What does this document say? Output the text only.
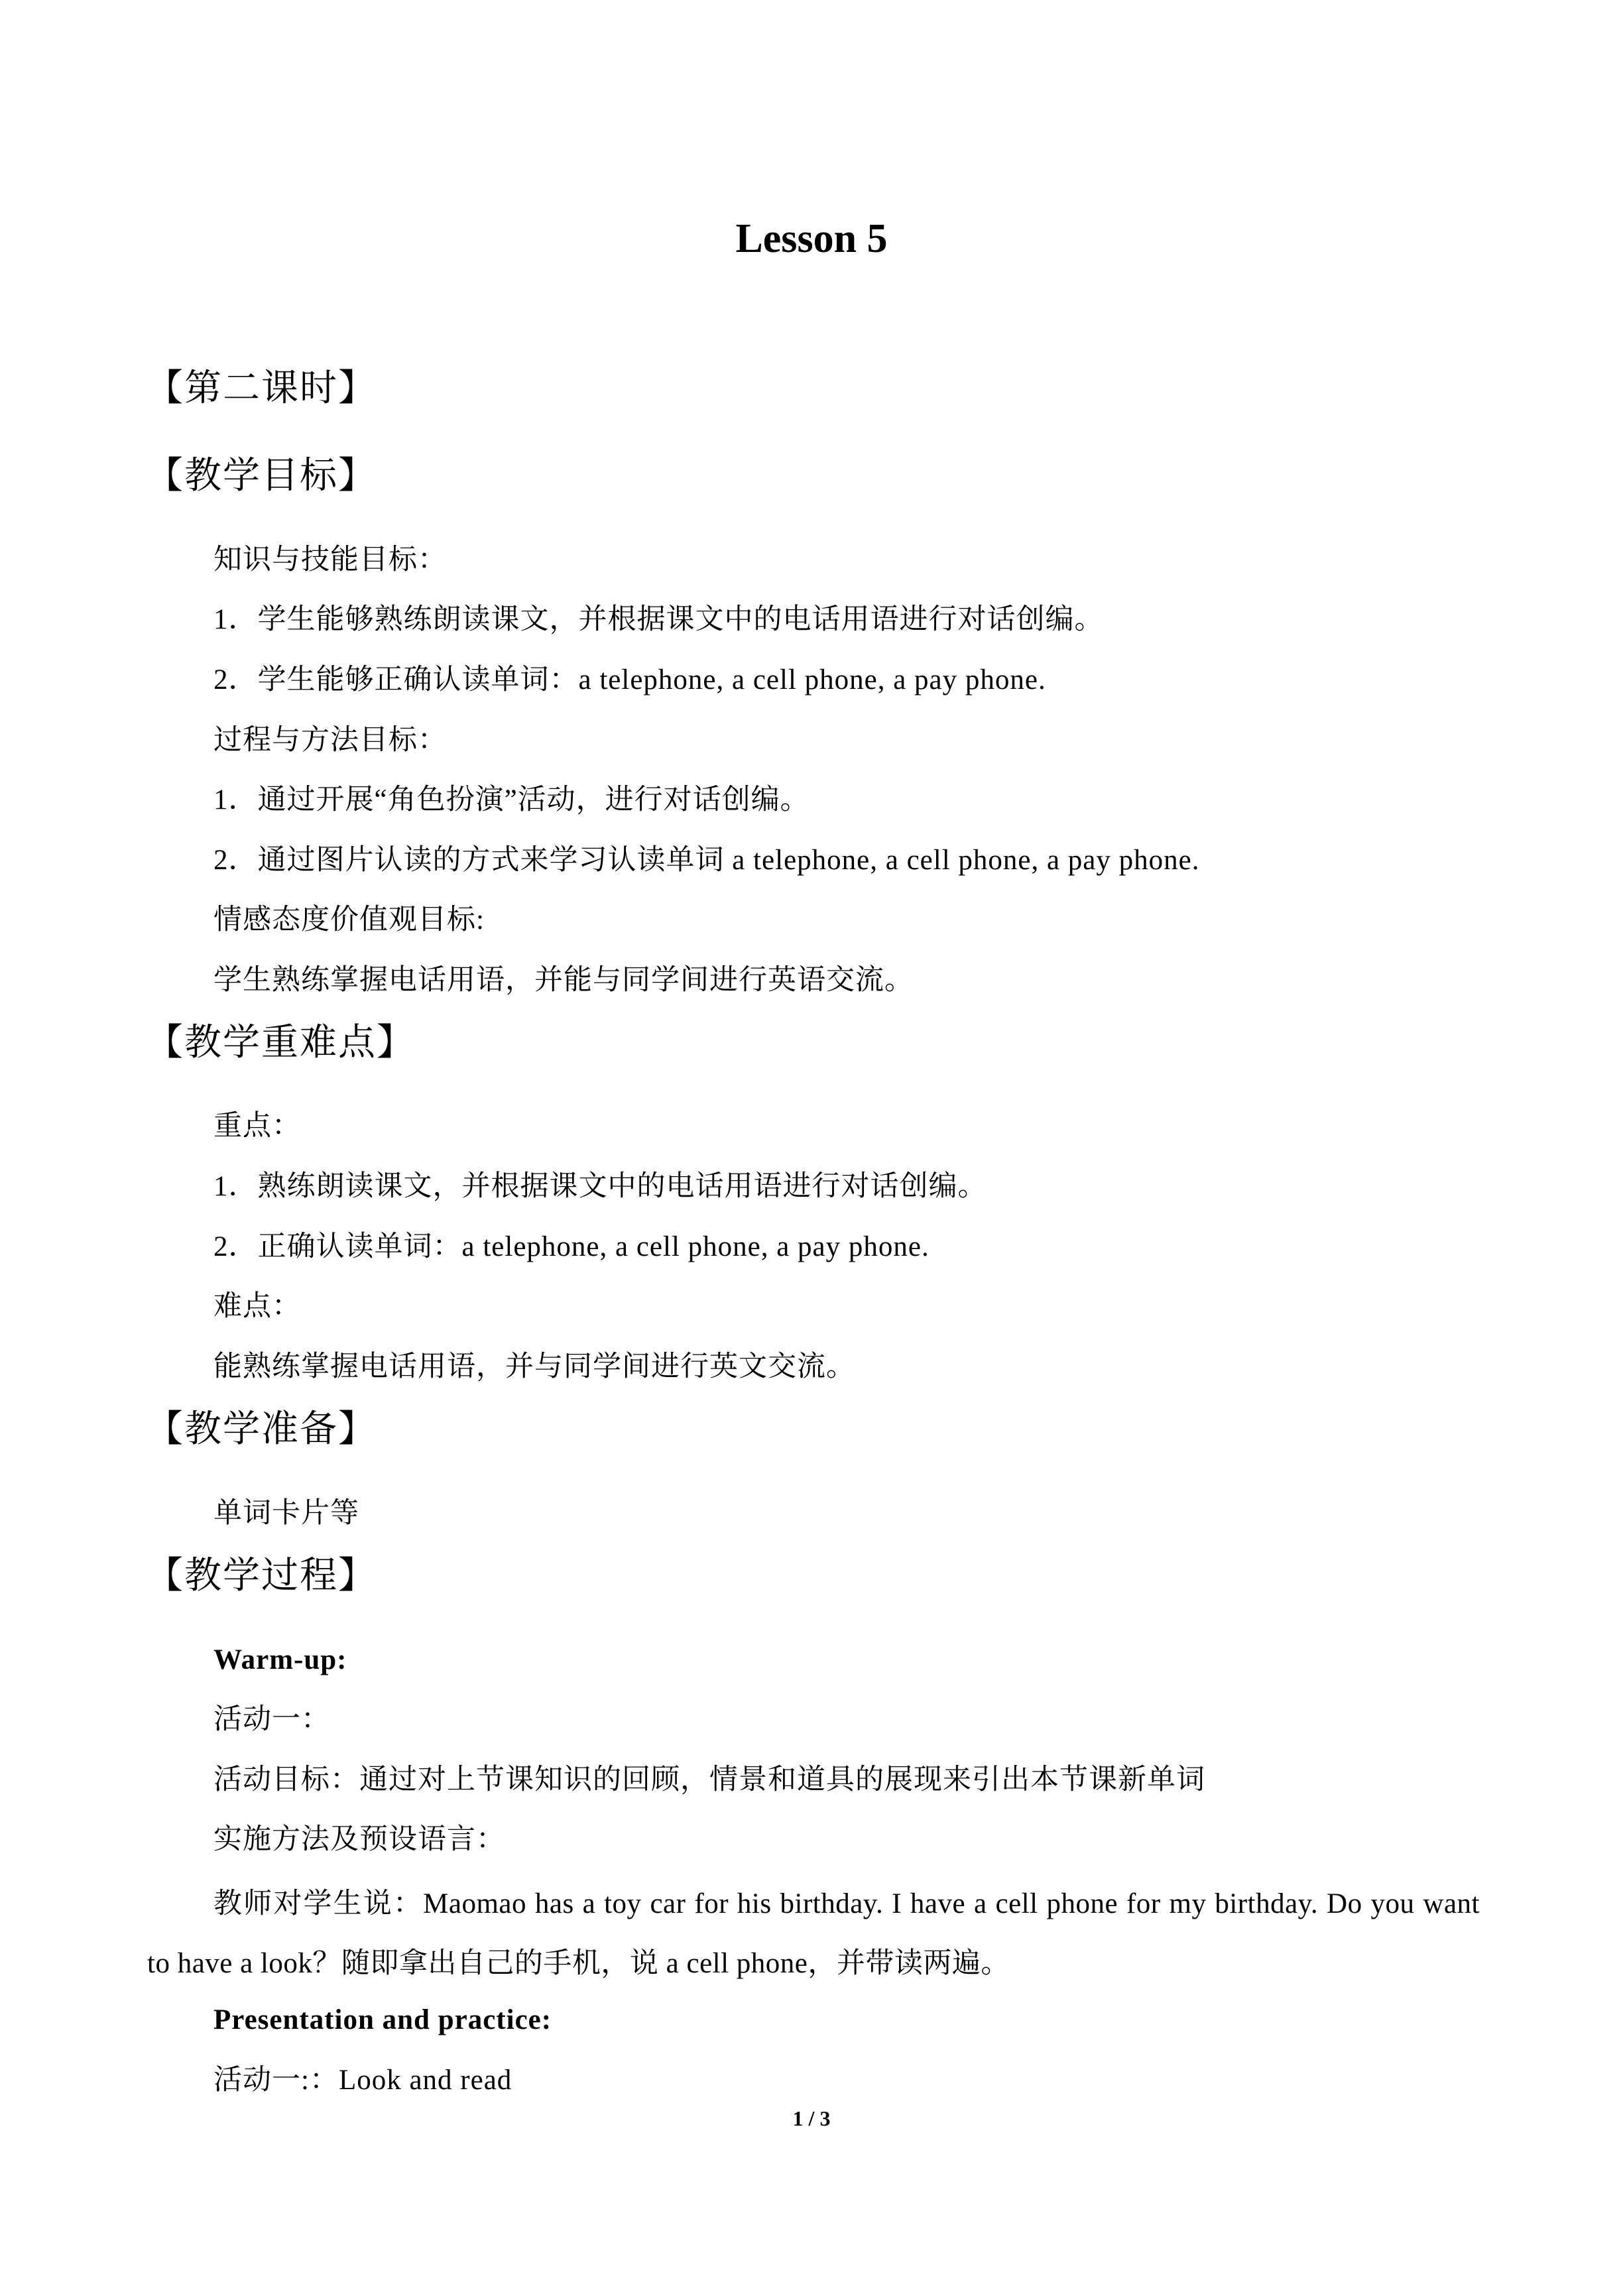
Lesson 5
【第二课时】
【教学目标】
知识与技能目标：
1．学生能够熟练朗读课文，并根据课文中的电话用语进行对话创编。
2．学生能够正确认读单词：a telephone, a cell phone, a pay phone.
过程与方法目标：
1．通过开展“角色扮演”活动，进行对话创编。
2．通过图片认读的方式来学习认读单词 a telephone, a cell phone, a pay phone.
情感态度价值观目标:
学生熟练掌握电话用语，并能与同学间进行英语交流。
【教学重难点】
重点：
1．熟练朗读课文，并根据课文中的电话用语进行对话创编。
2．正确认读单词：a telephone, a cell phone, a pay phone.
难点：
能熟练掌握电话用语，并与同学间进行英文交流。
【教学准备】
单词卡片等
【教学过程】
Warm-up:
活动一：
活动目标：通过对上节课知识的回顾，情景和道具的展现来引出本节课新单词
实施方法及预设语言：
教师对学生说：Maomao has a toy car for his birthday. I have a cell phone for my birthday. Do you want to have a look？随即拿出自己的手机，说 a cell phone，并带读两遍。
Presentation and practice:
活动一:：Look and read
1 / 3
